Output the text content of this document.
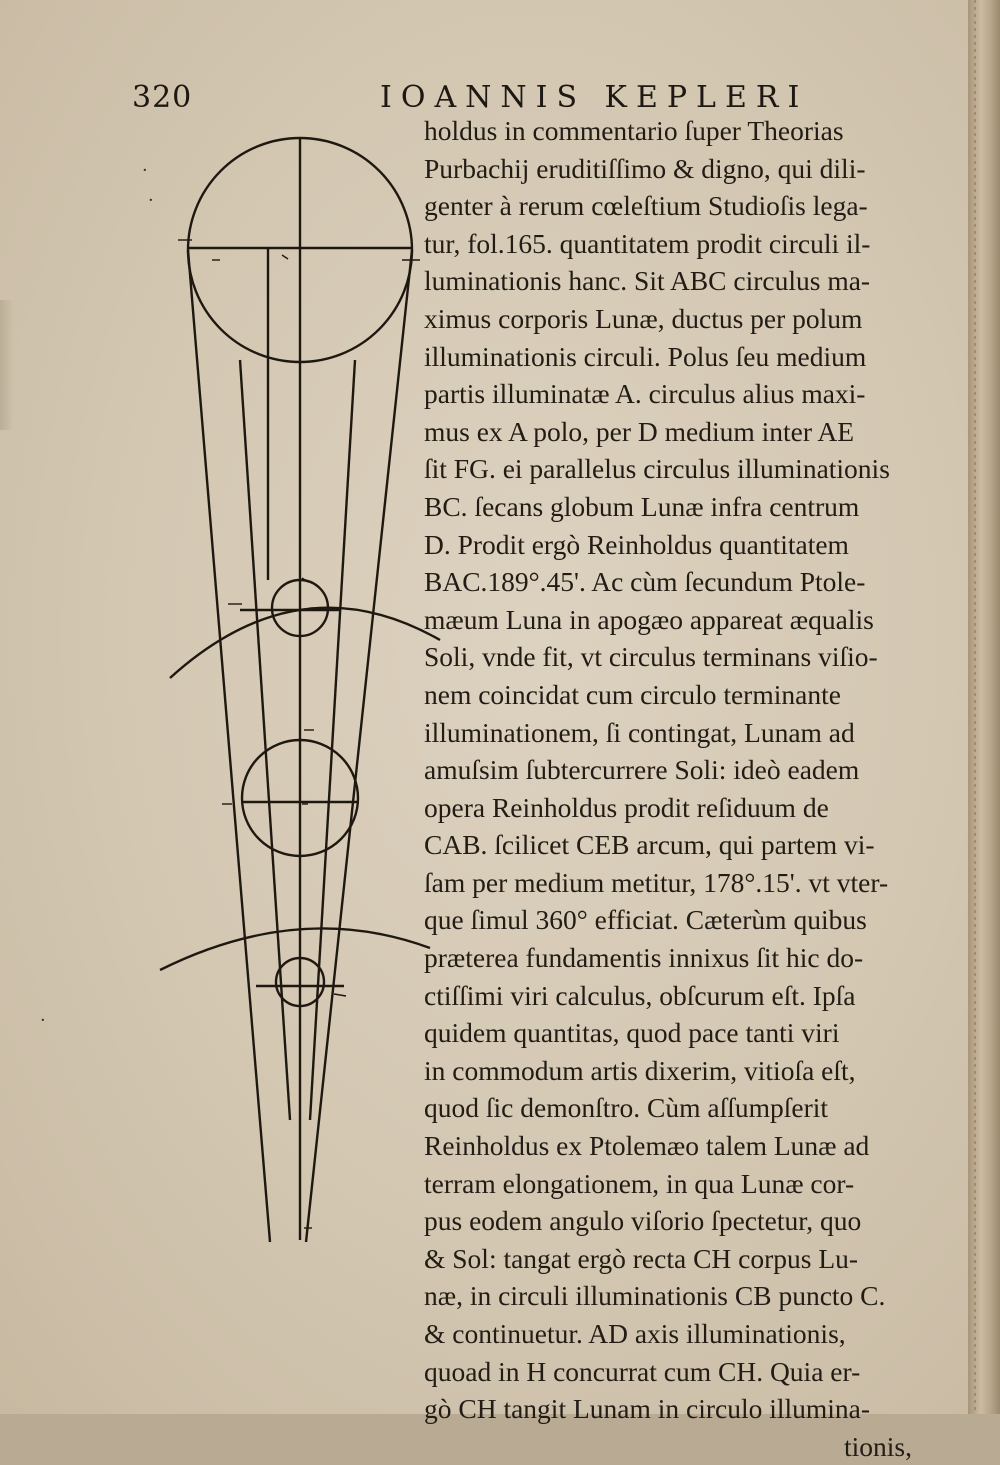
320	IOANNIS KEPLERI
·
·
·
holdus in commentario ſuper Theorias
Purbachij eruditiſſimo & digno, qui dili-
genter à rerum cœleſtium Studioſis lega-
tur, fol.165. quantitatem prodit circuli il-
luminationis hanc. Sit ABC circulus ma-
ximus corporis Lunæ, ductus per polum
illuminationis circuli. Polus ſeu medium
partis illuminatæ A. circulus alius maxi-
mus ex A polo, per D medium inter AE
ſit FG. ei parallelus circulus illuminationis
BC. ſecans globum Lunæ infra centrum
D. Prodit ergò Reinholdus quantitatem
BAC.189°.45'. Ac cùm ſecundum Ptole-
mæum Luna in apogæo appareat æqualis
Soli, vnde fit, vt circulus terminans viſio-
nem coincidat cum circulo terminante
illuminationem, ſi contingat, Lunam ad
amuſsim ſubtercurrere Soli: ideò eadem
opera Reinholdus prodit reſiduum de
CAB. ſcilicet CEB arcum, qui partem vi-
ſam per medium metitur, 178°.15'. vt vter-
que ſimul 360° efficiat. Cæterùm quibus
præterea fundamentis innixus ſit hic do-
ctiſſimi viri calculus, obſcurum eſt. Ipſa
quidem quantitas, quod pace tanti viri
in commodum artis dixerim, vitioſa eſt,
quod ſic demonſtro. Cùm aſſumpſerit
Reinholdus ex Ptolemæo talem Lunæ ad
terram elongationem, in qua Lunæ cor-
pus eodem angulo viſorio ſpectetur, quo
& Sol: tangat ergò recta CH corpus Lu-
næ, in circuli illuminationis CB puncto C.
& continuetur. AD axis illuminationis,
quoad in H concurrat cum CH. Quia er-
gò CH tangit Lunam in circulo illumina-
tionis,
